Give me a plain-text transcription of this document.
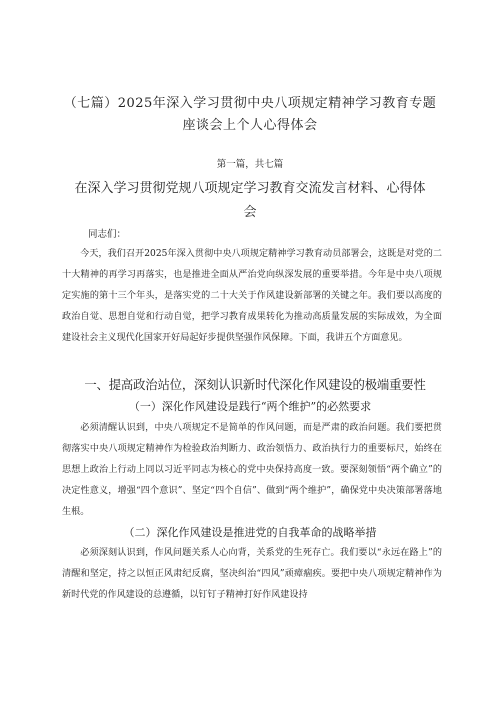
（七篇）2025年深入学习贯彻中央八项规定精神学习教育专题座谈会上个人心得体会
第一篇，共七篇
在深入学习贯彻党规八项规定学习教育交流发言材料、心得体会
同志们：
今天，我们召开2025年深入贯彻中央八项规定精神学习教育动员部署会，这既是对党的二十大精神的再学习再落实，也是推进全面从严治党向纵深发展的重要举措。今年是中央八项规定实施的第十三个年头，是落实党的二十大关于作风建设新部署的关键之年。我们要以高度的政治自觉、思想自觉和行动自觉，把学习教育成果转化为推动高质量发展的实际成效，为全面建设社会主义现代化国家开好局起好步提供坚强作风保障。下面，我讲五个方面意见。
一、提高政治站位，深刻认识新时代深化作风建设的极端重要性
（一）深化作风建设是践行“两个维护”的必然要求
必须清醒认识到，中央八项规定不是简单的作风问题，而是严肃的政治问题。我们要把贯彻落实中央八项规定精神作为检验政治判断力、政治领悟力、政治执行力的重要标尺，始终在思想上政治上行动上同以习近平同志为核心的党中央保持高度一致。要深刻领悟“两个确立”的决定性意义，增强“四个意识”、坚定“四个自信”、做到“两个维护”，确保党中央决策部署落地生根。
（二）深化作风建设是推进党的自我革命的战略举措
必须深刻认识到，作风问题关系人心向背，关系党的生死存亡。我们要以“永远在路上”的清醒和坚定，持之以恒正风肃纪反腐，坚决纠治“四风”顽瘴痼疾。要把中央八项规定精神作为新时代党的作风建设的总遵循，以钉钉子精神打好作风建设持
